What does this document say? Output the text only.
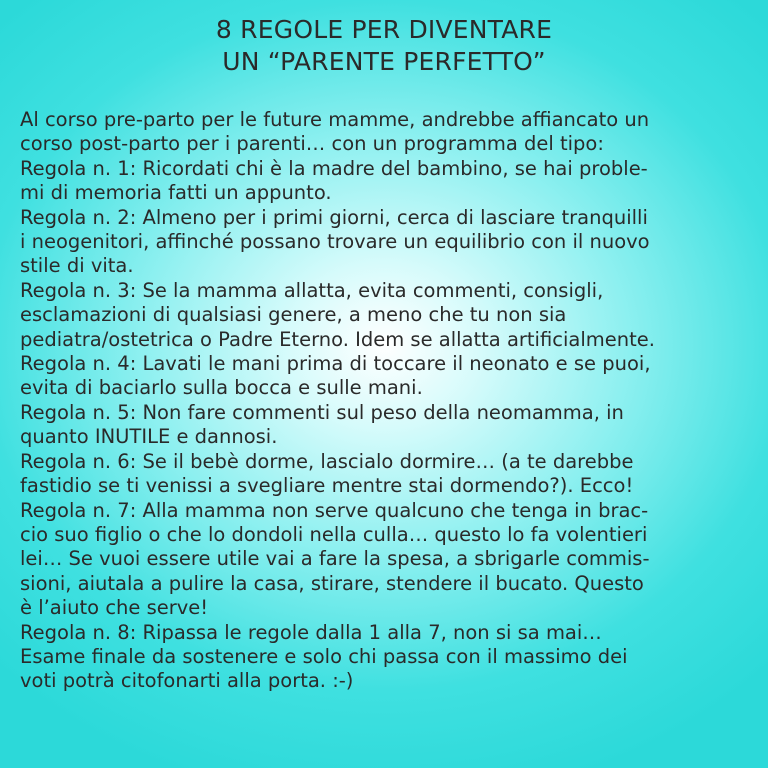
8 REGOLE PER DIVENTARE
UN “PARENTE PERFETTO”
Al corso pre-parto per le future mamme, andrebbe affiancato un
corso post-parto per i parenti… con un programma del tipo:
Regola n. 1: Ricordati chi è la madre del bambino, se hai proble-
mi di memoria fatti un appunto.
Regola n. 2: Almeno per i primi giorni, cerca di lasciare tranquilli
i neogenitori, affinché possano trovare un equilibrio con il nuovo
stile di vita.
Regola n. 3: Se la mamma allatta, evita commenti, consigli,
esclamazioni di qualsiasi genere, a meno che tu non sia
pediatra/ostetrica o Padre Eterno. Idem se allatta artificialmente.
Regola n. 4: Lavati le mani prima di toccare il neonato e se puoi,
evita di baciarlo sulla bocca e sulle mani.
Regola n. 5: Non fare commenti sul peso della neomamma, in
quanto INUTILE e dannosi.
Regola n. 6: Se il bebè dorme, lascialo dormire… (a te darebbe
fastidio se ti venissi a svegliare mentre stai dormendo?). Ecco!
Regola n. 7: Alla mamma non serve qualcuno che tenga in brac-
cio suo figlio o che lo dondoli nella culla… questo lo fa volentieri
lei… Se vuoi essere utile vai a fare la spesa, a sbrigarle commis-
sioni, aiutala a pulire la casa, stirare, stendere il bucato. Questo
è l’aiuto che serve!
Regola n. 8: Ripassa le regole dalla 1 alla 7, non si sa mai…
Esame finale da sostenere e solo chi passa con il massimo dei
voti potrà citofonarti alla porta. :-)
